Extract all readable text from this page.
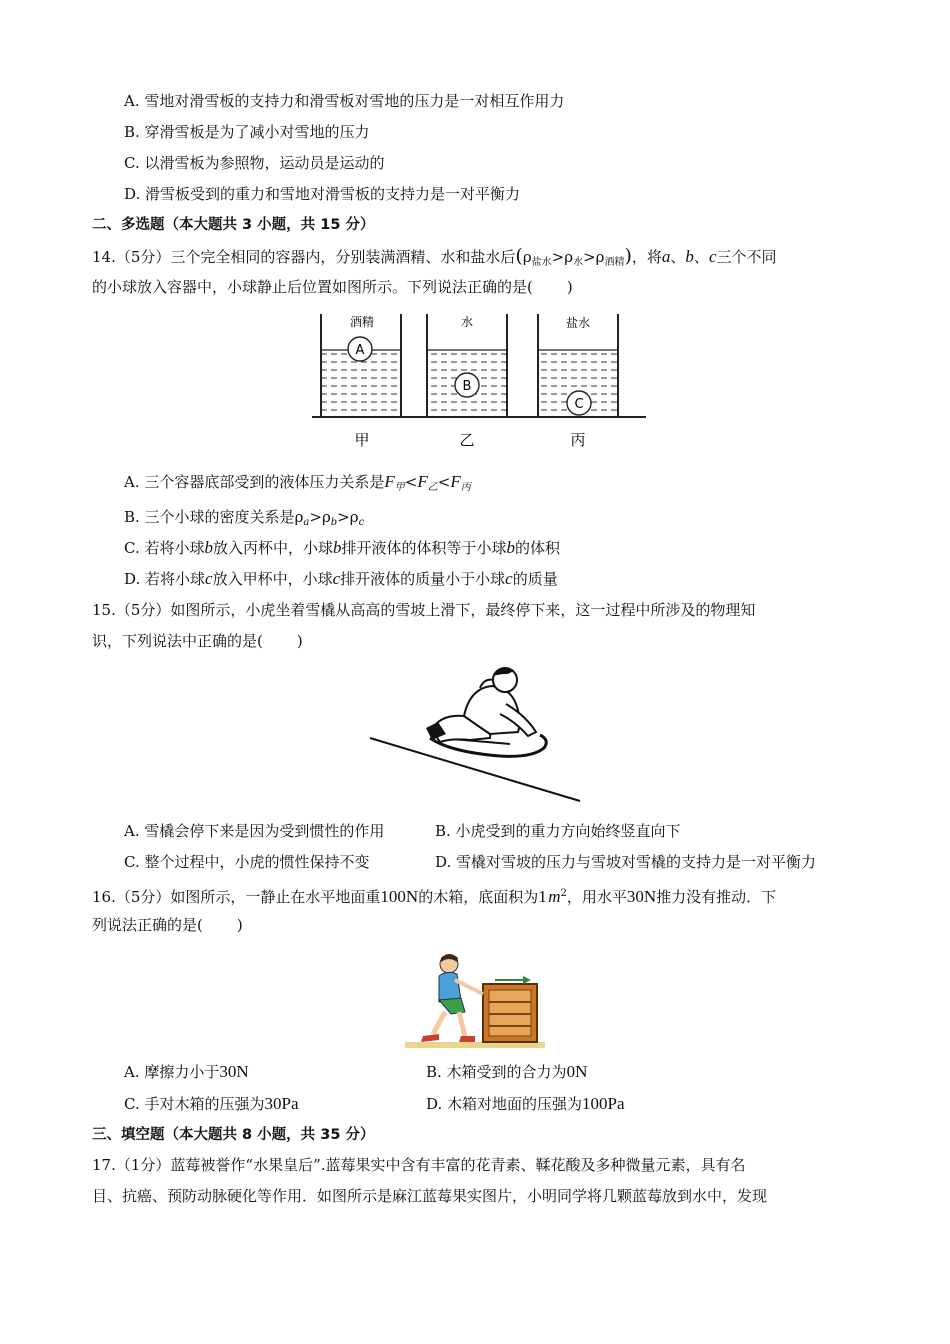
A. 雪地对滑雪板的支持力和滑雪板对雪地的压力是一对相互作用力
B. 穿滑雪板是为了减小对雪地的压力
C. 以滑雪板为参照物，运动员是运动的
D. 滑雪板受到的重力和雪地对滑雪板的支持力是一对平衡力
二、多选题（本大题共 3 小题，共 15 分）
14.（5分）三个完全相同的容器内，分别装满酒精、水和盐水后$(\rho_{盐水}>\rho_水>\rho_{酒精})$，将a、b、c三个不同
的小球放入容器中，小球静止后位置如图所示。下列说法正确的是( )
A
酒精
B
水
C
盐水
甲	乙	丙
A. 三个容器底部受到的液体压力关系是$F_甲<F_乙<F_丙$
B. 三个小球的密度关系是$\rho_a>\rho_b>\rho_c$
C. 若将小球b放入丙杯中，小球b排开液体的体积等于小球b的体积
D. 若将小球c放入甲杯中，小球c排开液体的质量小于小球c的质量
15.（5分）如图所示，小虎坐着雪橇从高高的雪坡上滑下，最终停下来，这一过程中所涉及的物理知
识，下列说法中正确的是( )
A. 雪橇会停下来是因为受到惯性的作用	B. 小虎受到的重力方向始终竖直向下
C. 整个过程中，小虎的惯性保持不变	D. 雪橇对雪坡的压力与雪坡对雪橇的支持力是一对平衡力
16.（5分）如图所示，一静止在水平地面重100N的木箱，底面积为1 $m^2$，用水平30N推力没有推动．下
列说法正确的是( )
A. 摩擦力小于30N	B. 木箱受到的合力为0N
C. 手对木箱的压强为30Pa	D. 木箱对地面的压强为100Pa
三、填空题（本大题共 8 小题，共 35 分）
17.（1分）蓝莓被誉作“水果皇后”.蓝莓果实中含有丰富的花青素、鞣花酸及多种微量元素，具有名
目、抗癌、预防动脉硬化等作用．如图所示是麻江蓝莓果实图片，小明同学将几颗蓝莓放到水中，发现
